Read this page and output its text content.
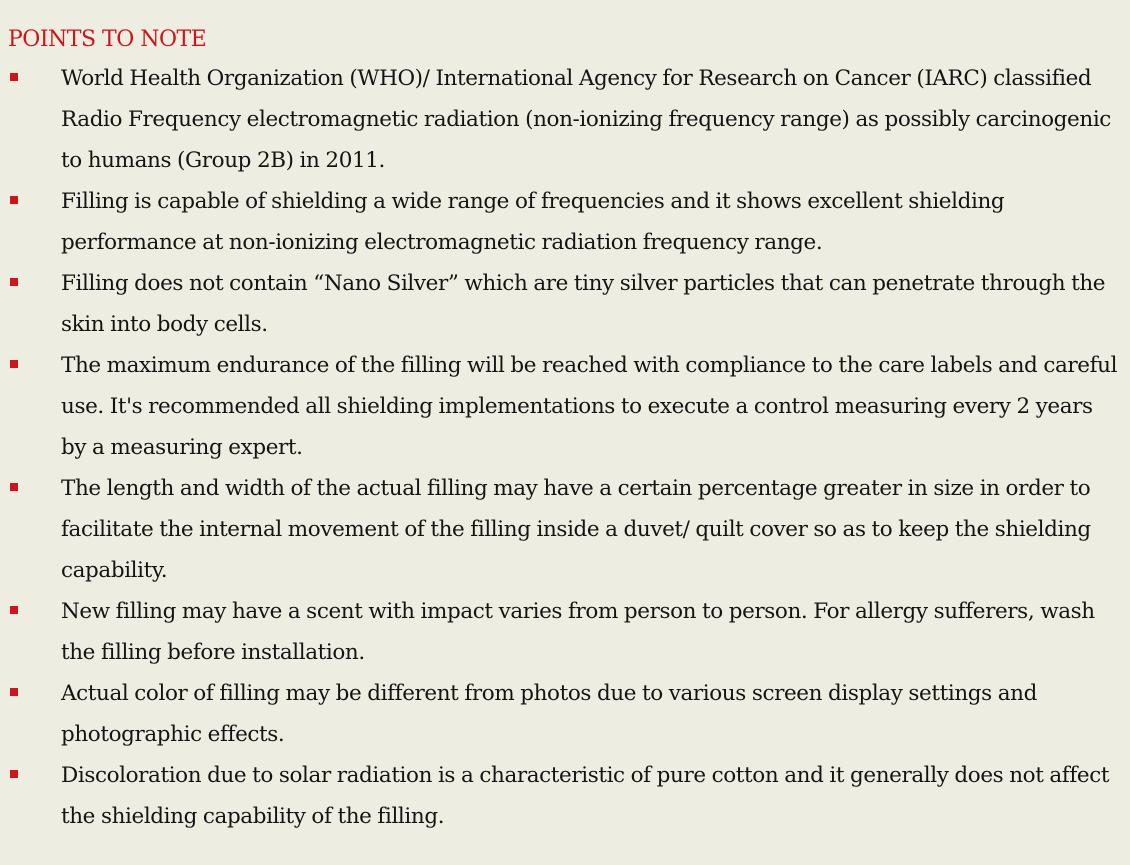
POINTS TO NOTE
World Health Organization (WHO)/ International Agency for Research on Cancer (IARC) classified Radio Frequency electromagnetic radiation (non-ionizing frequency range) as possibly carcinogenic to humans (Group 2B) in 2011.
Filling is capable of shielding a wide range of frequencies and it shows excellent shielding performance at non-ionizing electromagnetic radiation frequency range.
Filling does not contain “Nano Silver” which are tiny silver particles that can penetrate through the skin into body cells.
The maximum endurance of the filling will be reached with compliance to the care labels and careful use. It's recommended all shielding implementations to execute a control measuring every 2 years by a measuring expert.
The length and width of the actual filling may have a certain percentage greater in size in order to facilitate the internal movement of the filling inside a duvet/ quilt cover so as to keep the shielding capability.
New filling may have a scent with impact varies from person to person. For allergy sufferers, wash the filling before installation.
Actual color of filling may be different from photos due to various screen display settings and photographic effects.
Discoloration due to solar radiation is a characteristic of pure cotton and it generally does not affect the shielding capability of the filling.
